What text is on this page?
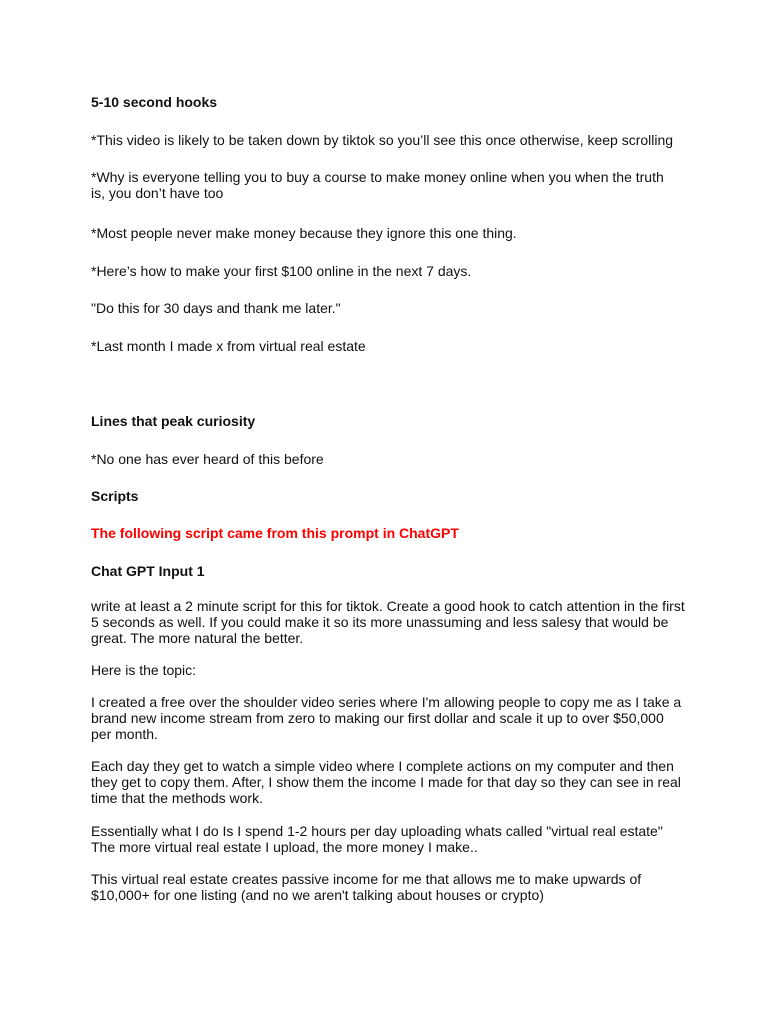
5-10 second hooks

*This video is likely to be taken down by tiktok so you’ll see this once otherwise, keep scrolling

*Why is everyone telling you to buy a course to make money online when you when the truth is, you don’t have too

*Most people never make money because they ignore this one thing.

*Here’s how to make your first $100 online in the next 7 days.

"Do this for 30 days and thank me later."

*Last month I made x from virtual real estate

Lines that peak curiosity

*No one has ever heard of this before

Scripts

The following script came from this prompt in ChatGPT

Chat GPT Input 1

write at least a 2 minute script for this for tiktok. Create a good hook to catch attention in the first 5 seconds as well. If you could make it so its more unassuming and less salesy that would be great. The more natural the better.

Here is the topic:

I created a free over the shoulder video series where I'm allowing people to copy me as I take a brand new income stream from zero to making our first dollar and scale it up to over $50,000 per month.

Each day they get to watch a simple video where I complete actions on my computer and then they get to copy them. After, I show them the income I made for that day so they can see in real time that the methods work.

Essentially what I do Is I spend 1-2 hours per day uploading whats called "virtual real estate" The more virtual real estate I upload, the more money I make..

This virtual real estate creates passive income for me that allows me to make upwards of $10,000+ for one listing (and no we aren't talking about houses or crypto)
